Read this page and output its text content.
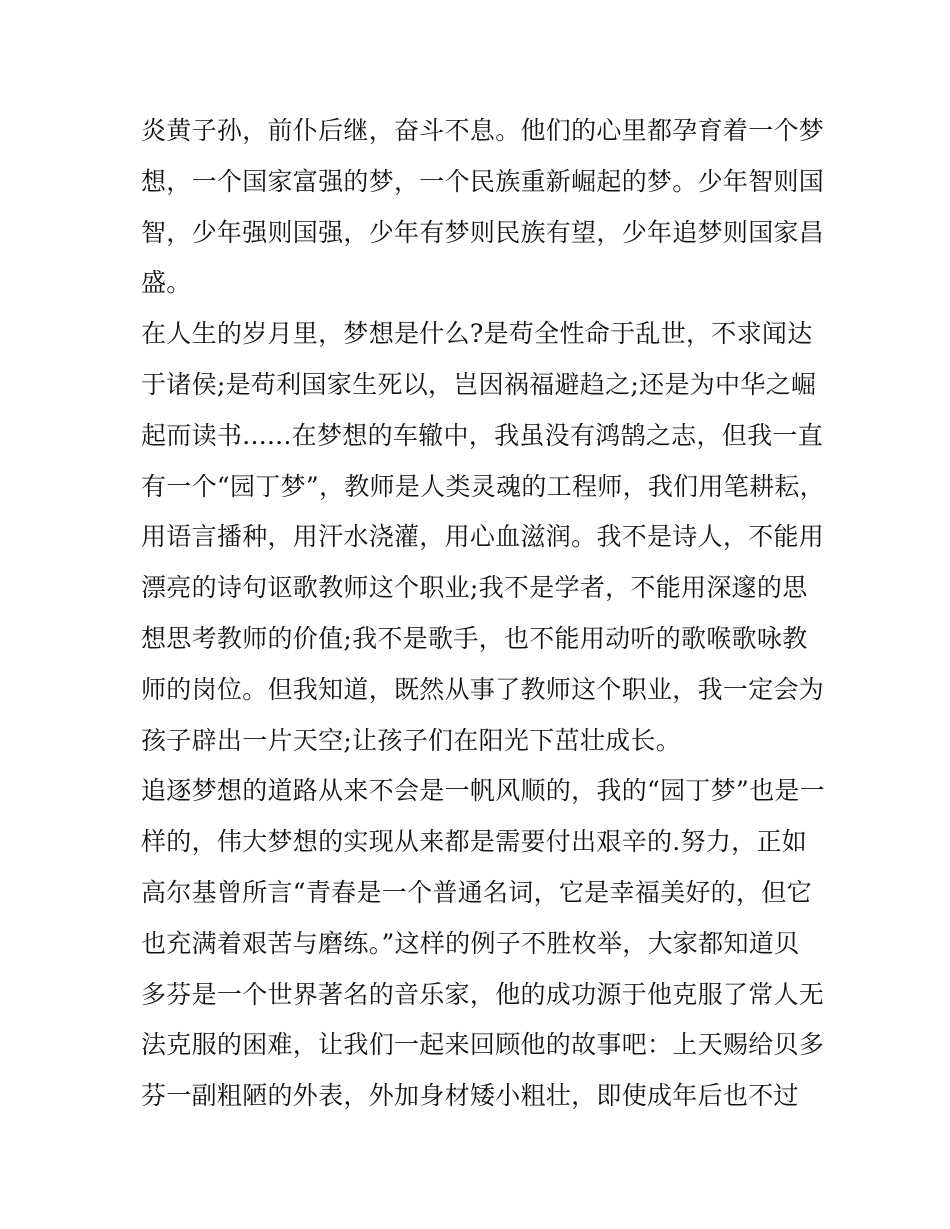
炎黄子孙，前仆后继，奋斗不息。他们的心里都孕育着一个梦
想，一个国家富强的梦，一个民族重新崛起的梦。少年智则国
智，少年强则国强，少年有梦则民族有望，少年追梦则国家昌
盛。
在人生的岁月里，梦想是什么?是苟全性命于乱世，不求闻达
于诸侯;是苟利国家生死以，岂因祸福避趋之;还是为中华之崛
起而读书......在梦想的车辙中，我虽没有鸿鹄之志，但我一直
有一个“园丁梦”，教师是人类灵魂的工程师，我们用笔耕耘，
用语言播种，用汗水浇灌，用心血滋润。我不是诗人，不能用
漂亮的诗句讴歌教师这个职业;我不是学者，不能用深邃的思
想思考教师的价值;我不是歌手，也不能用动听的歌喉歌咏教
师的岗位。但我知道，既然从事了教师这个职业，我一定会为
孩子辟出一片天空;让孩子们在阳光下茁壮成长。
追逐梦想的道路从来不会是一帆风顺的，我的“园丁梦”也是一
样的，伟大梦想的实现从来都是需要付出艰辛的.努力，正如
高尔基曾所言“青春是一个普通名词，它是幸福美好的，但它
也充满着艰苦与磨练。”这样的例子不胜枚举，大家都知道贝
多芬是一个世界著名的音乐家，他的成功源于他克服了常人无
法克服的困难，让我们一起来回顾他的故事吧：上天赐给贝多
芬一副粗陋的外表，外加身材矮小粗壮，即使成年后也不过
